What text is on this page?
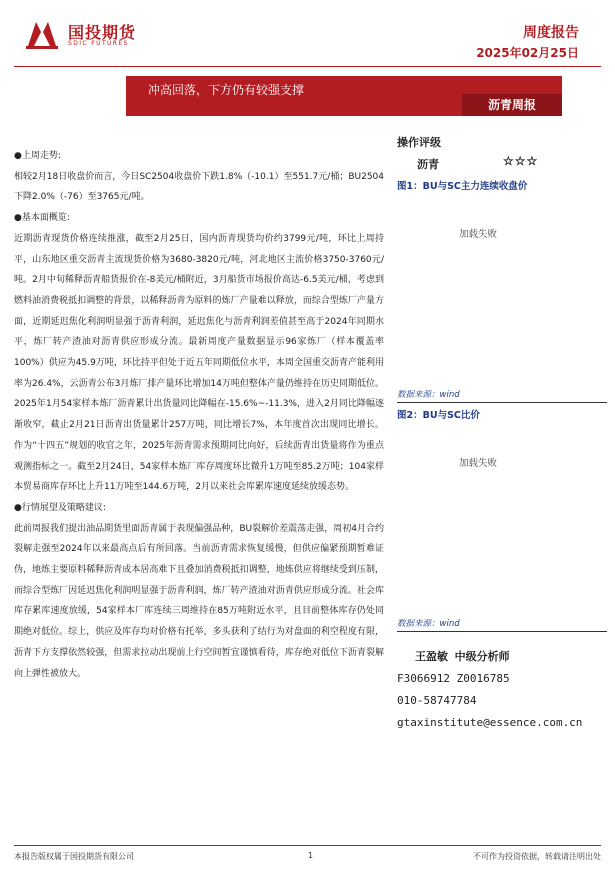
国投期货
SDIC FUTURES
周度报告
2025年02月25日
冲高回落，下方仍有较强支撑
沥青周报

●上周走势:

相较2月18日收盘价而言，今日SC2504收盘价下跌1.8%（-10.1）至551.7元/桶；BU2504下降2.0%（-76）至3765元/吨。

●基本面概览:

近期沥青现货价格连续推涨，截至2月25日，国内沥青现货均价约3799元/吨，环比上周持平，山东地区重交沥青主流现货价格为3680-3820元/吨，河北地区主流价格3750-3760元/吨。2月中旬稀释沥青船货报价在-8美元/桶附近，3月船货市场报价高达-6.5美元/桶，考虑到燃料油消费税抵扣调整的背景，以稀释沥青为原料的炼厂产量难以释放，而综合型炼厂产量方面，近期延迟焦化利润明显强于沥青利润，延迟焦化与沥青利润差值甚至高于2024年同期水平，炼厂转产渣油对沥青供应形成分流。最新周度产量数据显示96家炼厂（样本覆盖率100%）供应为45.9万吨，环比持平但处于近五年同期低位水平，本周全国重交沥青产能利用率为26.4%，云沥青公布3月炼厂排产量环比增加14万吨但整体产量仍维持在历史同期低位。2025年1月54家样本炼厂沥青累计出货量同比降幅在-15.6%~-11.3%，进入2月同比降幅逐渐收窄，截止2月21日沥青出货量累计257万吨，同比增长7%，本年度首次出现同比增长。作为“十四五”规划的收官之年，2025年沥青需求预期同比向好，后续沥青出货量将作为重点观测指标之一。截至2月24日，54家样本炼厂库存周度环比微升1万吨至85.2万吨；104家样本贸易商库存环比上升11万吨至144.6万吨，2月以来社会库累库速度延续放缓态势。

●行情展望及策略建议:

此前周报我们提出油品期货里面沥青属于表现偏强品种，BU裂解价差震荡走强，周初4月合约裂解走强至2024年以来最高点后有所回落。当前沥青需求恢复缓慢，但供应偏紧预期暂难证伪，地炼主要原料稀释沥青成本居高难下且叠加消费税抵扣调整，地炼供应将继续受到压制，而综合型炼厂因延迟焦化利润明显强于沥青利润，炼厂转产渣油对沥青供应形成分流。社会库库存累库速度放缓，54家样本厂库连续三周维持在85万吨附近水平，且目前整体库存仍处同期绝对低位。综上，供应及库存均对价格有托举，多头获利了结行为对盘面的利空程度有限，沥青下方支撑依然较强，但需求拉动出现前上行空间暂宜谨慎看待，库存绝对低位下沥青裂解向上弹性被放大。

操作评级
沥青	☆☆☆
图1：BU与SC主力连续收盘价
加载失败
数据来源：wind
图2：BU与SC比价
加载失败
数据来源：wind
王盈敏 中级分析师
F3066912 Z0016785
010-58747784
gtaxinstitute@essence.com.cn
本报告版权属于国投期货有限公司	1	不可作为投资依据，转载请注明出处
